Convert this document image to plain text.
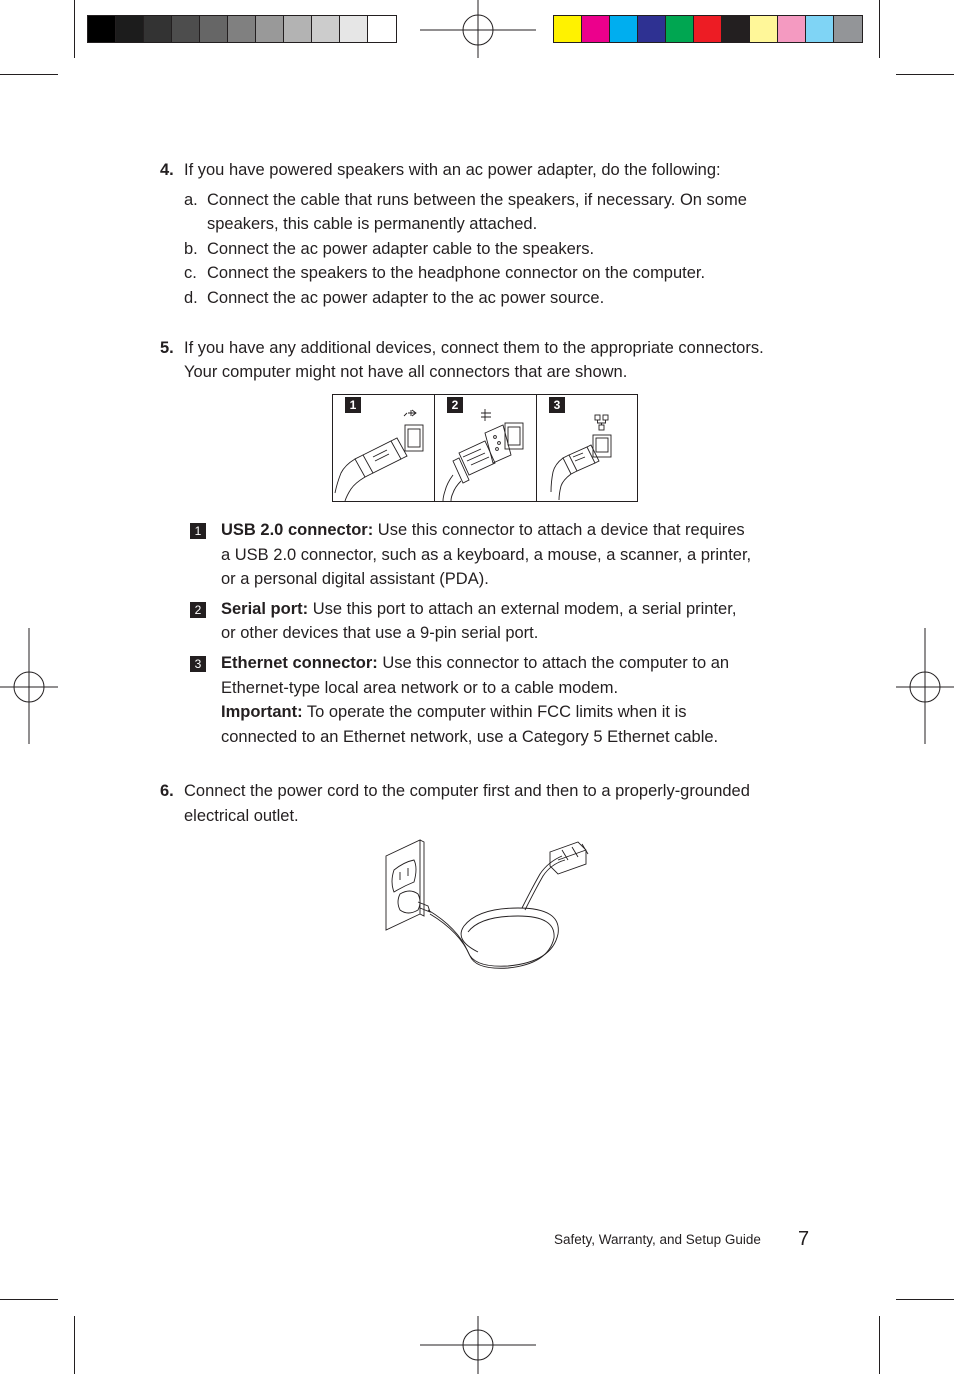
4. If you have powered speakers with an ac power adapter, do the following:
a. Connect the cable that runs between the speakers, if necessary. On some
speakers, this cable is permanently attached.
b. Connect the ac power adapter cable to the speakers.
c. Connect the speakers to the headphone connector on the computer.
d. Connect the ac power adapter to the ac power source.
5. If you have any additional devices, connect them to the appropriate connectors.
Your computer might not have all connectors that are shown.
1	2	3
1 USB 2.0 connector: Use this connector to attach a device that requires
a USB 2.0 connector, such as a keyboard, a mouse, a scanner, a printer,
or a personal digital assistant (PDA).
2 Serial port: Use this port to attach an external modem, a serial printer,
or other devices that use a 9-pin serial port.
3 Ethernet connector: Use this connector to attach the computer to an
Ethernet-type local area network or to a cable modem.
Important: To operate the computer within FCC limits when it is
connected to an Ethernet network, use a Category 5 Ethernet cable.
6. Connect the power cord to the computer first and then to a properly-grounded
electrical outlet.
Safety, Warranty, and Setup Guide 7
